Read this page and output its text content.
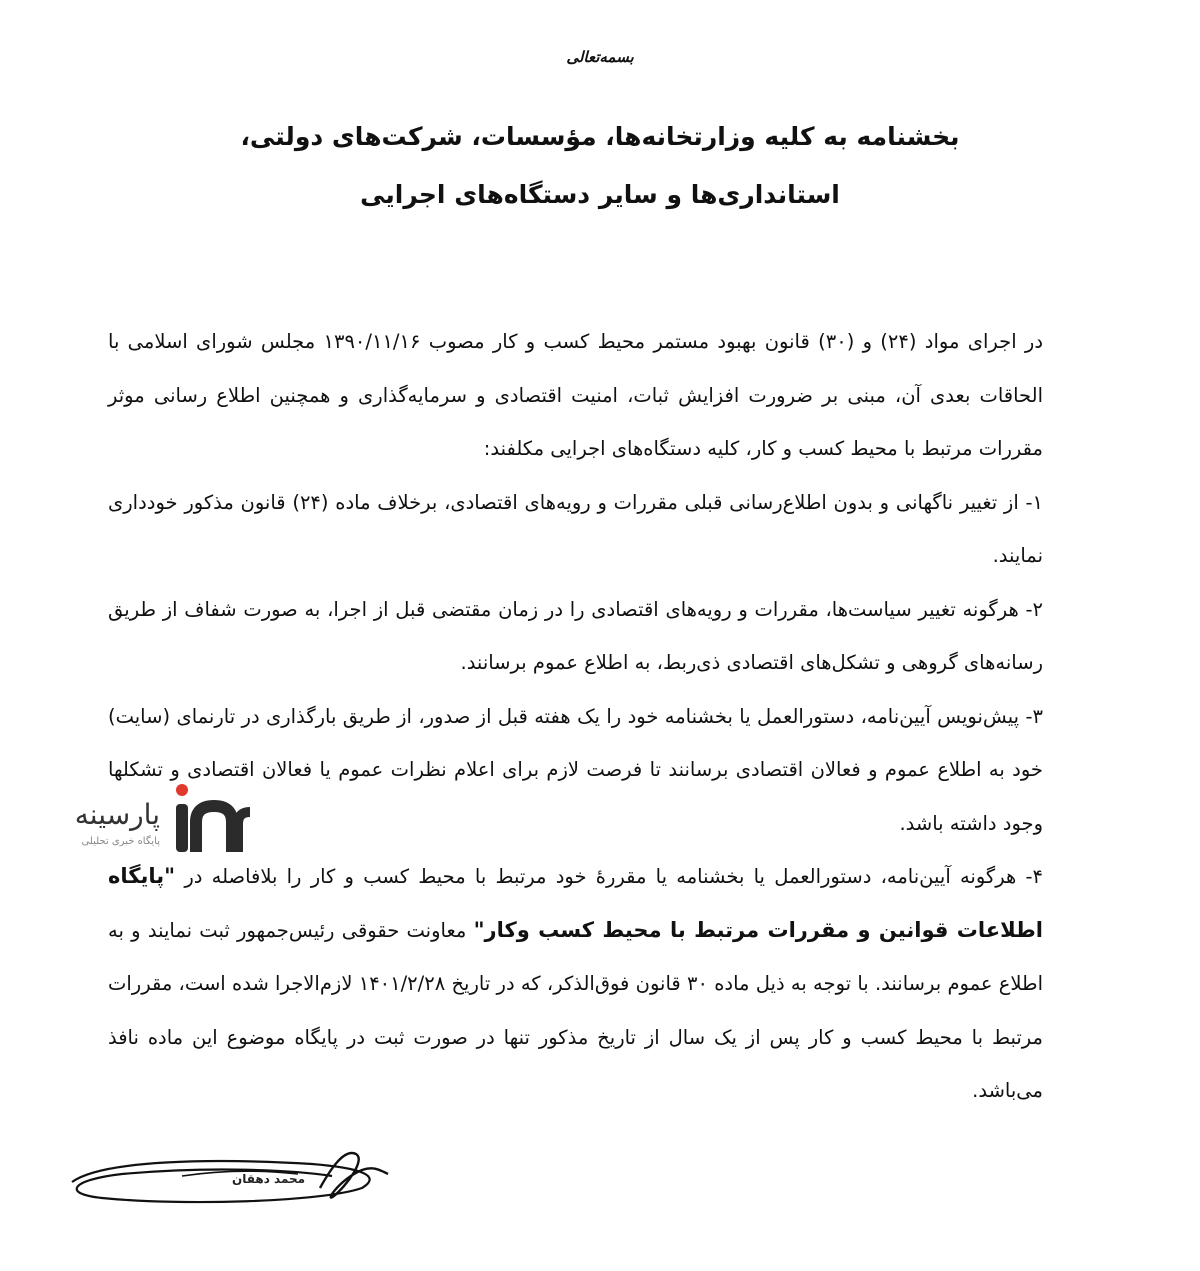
بسمه‌تعالی
بخشنامه به کلیه وزارتخانه‌ها، مؤسسات، شرکت‌های دولتی،
استانداری‌ها و سایر دستگاه‌های اجرایی

در اجرای مواد (۲۴) و (۳۰) قانون بهبود مستمر محیط کسب و کار مصوب ۱۳۹۰/۱۱/۱۶ مجلس شورای اسلامی با الحاقات بعدی آن، مبنی بر ضرورت افزایش ثبات، امنیت اقتصادی و سرمایه‌گذاری و همچنین اطلاع رسانی موثر مقررات مرتبط با محیط کسب و کار، کلیه دستگاه‌های اجرایی مکلفند:

۱- از تغییر ناگهانی و بدون اطلاع‌رسانی قبلی مقررات و رویه‌های اقتصادی، برخلاف ماده (۲۴) قانون مذکور خودداری نمایند.

۲- هرگونه تغییر سیاست‌ها، مقررات و رویه‌های اقتصادی را در زمان مقتضی قبل از اجرا، به صورت شفاف از طریق رسانه‌های گروهی و تشکل‌های اقتصادی ذی‌ربط، به اطلاع عموم برسانند.

۳- پیش‌نویس آیین‌نامه، دستورالعمل یا بخشنامه خود را یک هفته قبل از صدور، از طریق بارگذاری در تارنمای (سایت) خود به اطلاع عموم و فعالان اقتصادی برسانند تا فرصت لازم برای اعلام نظرات عموم یا فعالان اقتصادی و تشکلها وجود داشته باشد.

۴- هرگونه آیین‌نامه، دستورالعمل یا بخشنامه یا مقررهٔ خود مرتبط با محیط کسب و کار را بلافاصله در "پایگاه اطلاعات قوانین و مقررات مرتبط با محیط کسب وکار" معاونت حقوقی رئیس‌جمهور ثبت نمایند و به اطلاع عموم برسانند. با توجه به ذیل ماده ۳۰ قانون فوق‌الذکر، که در تاریخ ۱۴۰۱/۲/۲۸ لازم‌الاجرا شده است، مقررات مرتبط با محیط کسب و کار پس از یک سال از تاریخ مذکور تنها در صورت ثبت در پایگاه موضوع این ماده نافذ می‌باشد.

پارسینه
پایگاه خبری تحلیلی
محمد دهقان
